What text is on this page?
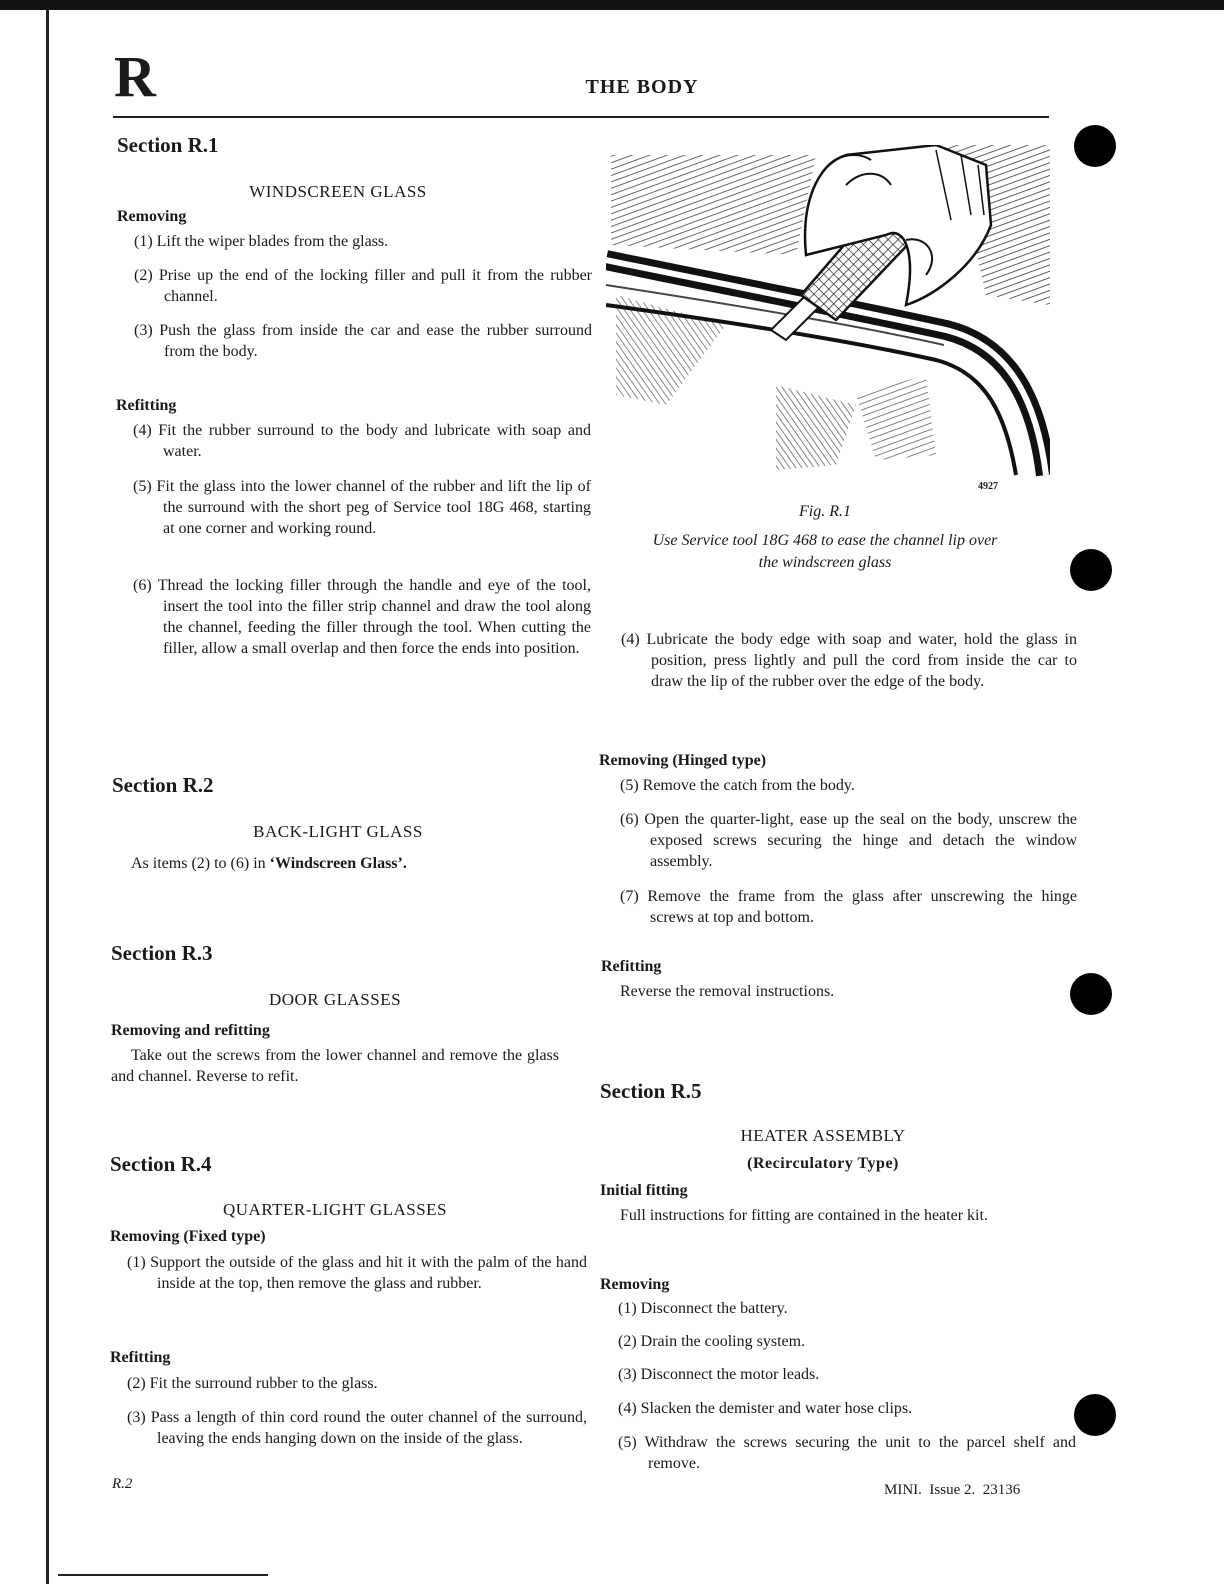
R	THE BODY
Section R.1
WINDSCREEN GLASS
Removing
(1) Lift the wiper blades from the glass.
(2) Prise up the end of the locking filler and pull it from the rubber channel.
(3) Push the glass from inside the car and ease the rubber surround from the body.
Refitting
(4) Fit the rubber surround to the body and lubricate with soap and water.
(5) Fit the glass into the lower channel of the rubber and lift the lip of the surround with the short peg of Service tool 18G 468, starting at one corner and working round.
(6) Thread the locking filler through the handle and eye of the tool, insert the tool into the filler strip channel and draw the tool along the channel, feeding the filler through the tool. When cutting the filler, allow a small overlap and then force the ends into position.
Section R.2
BACK-LIGHT GLASS
As items (2) to (6) in ‘Windscreen Glass’.
Section R.3
DOOR GLASSES
Removing and refitting
Take out the screws from the lower channel and remove the glass and channel. Reverse to refit.
Section R.4
QUARTER-LIGHT GLASSES
Removing (Fixed type)
(1) Support the outside of the glass and hit it with the palm of the hand inside at the top, then remove the glass and rubber.
Refitting
(2) Fit the surround rubber to the glass.
(3) Pass a length of thin cord round the outer channel of the surround, leaving the ends hanging down on the inside of the glass.
4927
Fig. R.1
Use Service tool 18G 468 to ease the channel lip over
the windscreen glass
(4) Lubricate the body edge with soap and water, hold the glass in position, press lightly and pull the cord from inside the car to draw the lip of the rubber over the edge of the body.
Removing (Hinged type)
(5) Remove the catch from the body.
(6) Open the quarter-light, ease up the seal on the body, unscrew the exposed screws securing the hinge and detach the window assembly.
(7) Remove the frame from the glass after unscrewing the hinge screws at top and bottom.
Refitting
Reverse the removal instructions.
Section R.5
HEATER ASSEMBLY
(Recirculatory Type)
Initial fitting
Full instructions for fitting are contained in the heater kit.
Removing
(1) Disconnect the battery.
(2) Drain the cooling system.
(3) Disconnect the motor leads.
(4) Slacken the demister and water hose clips.
(5) Withdraw the screws securing the unit to the parcel shelf and remove.
R.2	MINI.  Issue 2.  23136
